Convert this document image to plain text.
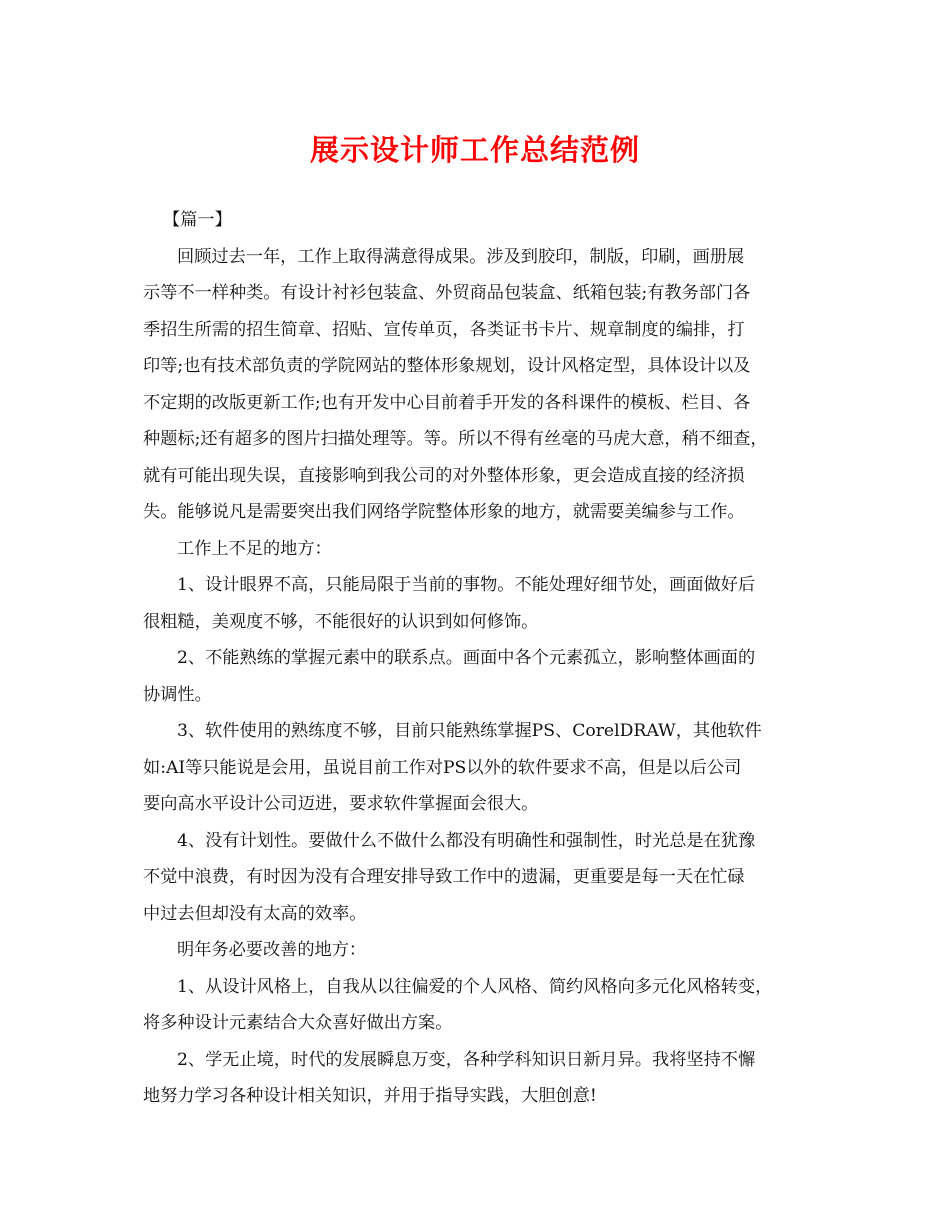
展示设计师工作总结范例
【篇一】
回顾过去一年，工作上取得满意得成果。涉及到胶印，制版，印刷，画册展
示等不一样种类。有设计衬衫包装盒、外贸商品包装盒、纸箱包装;有教务部门各
季招生所需的招生简章、招贴、宣传单页，各类证书卡片、规章制度的编排，打
印等;也有技术部负责的学院网站的整体形象规划，设计风格定型，具体设计以及
不定期的改版更新工作;也有开发中心目前着手开发的各科课件的模板、栏目、各
种题标;还有超多的图片扫描处理等。等。所以不得有丝毫的马虎大意，稍不细查，
就有可能出现失误，直接影响到我公司的对外整体形象，更会造成直接的经济损
失。能够说凡是需要突出我们网络学院整体形象的地方，就需要美编参与工作。
工作上不足的地方：
1、设计眼界不高，只能局限于当前的事物。不能处理好细节处，画面做好后
很粗糙，美观度不够，不能很好的认识到如何修饰。
2、不能熟练的掌握元素中的联系点。画面中各个元素孤立，影响整体画面的
协调性。
3、软件使用的熟练度不够，目前只能熟练掌握PS、CorelDRAW，其他软件
如:AI等只能说是会用，虽说目前工作对PS以外的软件要求不高，但是以后公司
要向高水平设计公司迈进，要求软件掌握面会很大。
4、没有计划性。要做什么不做什么都没有明确性和强制性，时光总是在犹豫
不觉中浪费，有时因为没有合理安排导致工作中的遗漏，更重要是每一天在忙碌
中过去但却没有太高的效率。
明年务必要改善的地方：
1、从设计风格上，自我从以往偏爱的个人风格、简约风格向多元化风格转变，
将多种设计元素结合大众喜好做出方案。
2、学无止境，时代的发展瞬息万变，各种学科知识日新月异。我将坚持不懈
地努力学习各种设计相关知识，并用于指导实践，大胆创意!
